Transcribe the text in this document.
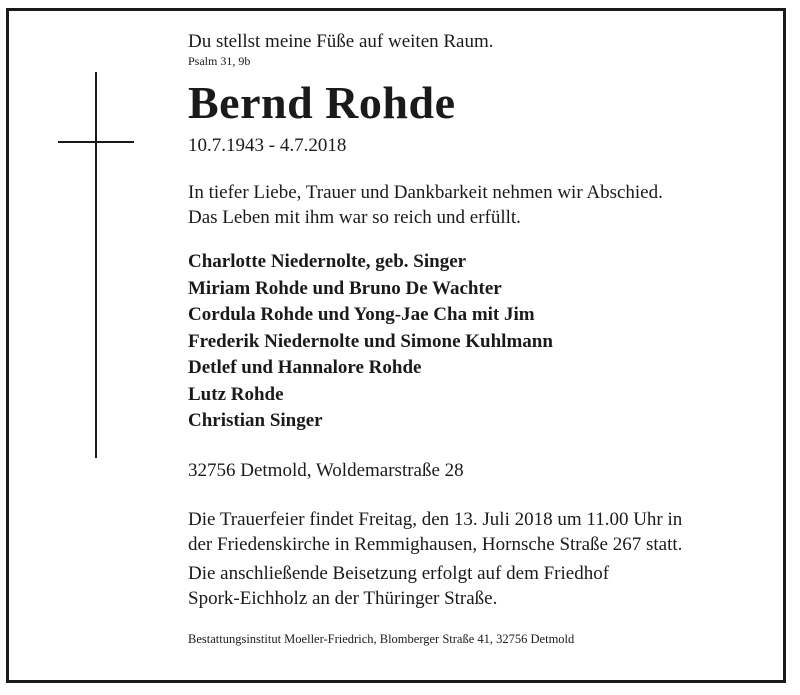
Du stellst meine Füße auf weiten Raum.

Psalm 31, 9b

Bernd Rohde

10.7.1943 - 4.7.2018

In tiefer Liebe, Trauer und Dankbarkeit nehmen wir Abschied.
Das Leben mit ihm war so reich und erfüllt.
Charlotte Niedernolte, geb. Singer
Miriam Rohde und Bruno De Wachter
Cordula Rohde und Yong-Jae Cha mit Jim
Frederik Niedernolte und Simone Kuhlmann
Detlef und Hannalore Rohde
Lutz Rohde
Christian Singer

32756 Detmold, Woldemarstraße 28

Die Trauerfeier findet Freitag, den 13. Juli 2018 um 11.00 Uhr in
der Friedenskirche in Remmighausen, Hornsche Straße 267 statt.
Die anschließende Beisetzung erfolgt auf dem Friedhof
Spork-Eichholz an der Thüringer Straße.

Bestattungsinstitut Moeller-Friedrich, Blomberger Straße 41, 32756 Detmold
